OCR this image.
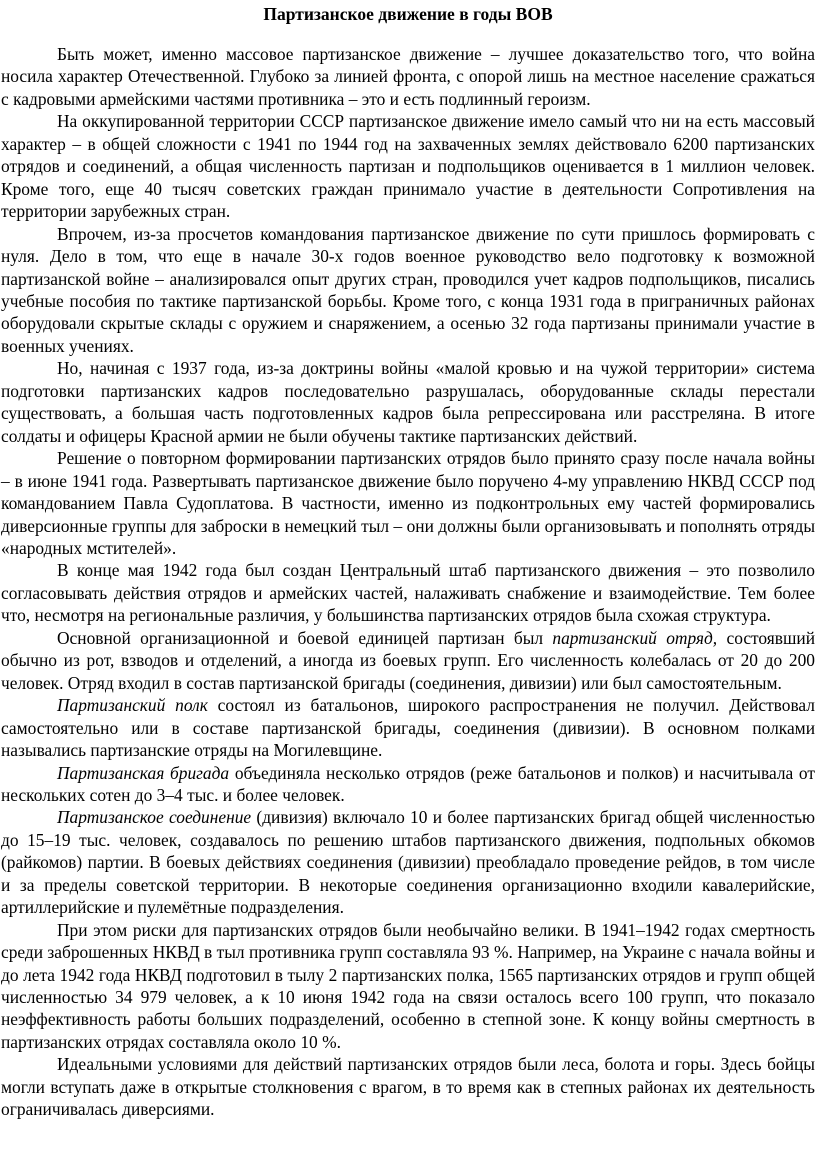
Партизанское движение в годы ВОВ

Быть может, именно массовое партизанское движение – лучшее доказательство того, что война носила характер Отечественной. Глубоко за линией фронта, с опорой лишь на местное население сражаться с кадровыми армейскими частями противника – это и есть подлинный героизм.

На оккупированной территории СССР партизанское движение имело самый что ни на есть массовый характер – в общей сложности с 1941 по 1944 год на захваченных землях действовало 6200 партизанских отрядов и соединений, а общая численность партизан и подпольщиков оценивается в 1 миллион человек. Кроме того, еще 40 тысяч советских граждан принимало участие в деятельности Сопротивления на территории зарубежных стран.

Впрочем, из-за просчетов командования партизанское движение по сути пришлось формировать с нуля. Дело в том, что еще в начале 30-х годов военное руководство вело подготовку к возможной партизанской войне – анализировался опыт других стран, проводился учет кадров подпольщиков, писались учебные пособия по тактике партизанской борьбы. Кроме того, с конца 1931 года в приграничных районах оборудовали скрытые склады с оружием и снаряжением, а осенью 32 года партизаны принимали участие в военных учениях.

Но, начиная с 1937 года, из-за доктрины войны «малой кровью и на чужой территории» система подготовки партизанских кадров последовательно разрушалась, оборудованные склады перестали существовать, а большая часть подготовленных кадров была репрессирована или расстреляна. В итоге солдаты и офицеры Красной армии не были обучены тактике партизанских действий.

Решение о повторном формировании партизанских отрядов было принято сразу после начала войны – в июне 1941 года. Развертывать партизанское движение было поручено 4-му управлению НКВД СССР под командованием Павла Судоплатова. В частности, именно из подконтрольных ему частей формировались диверсионные группы для заброски в немецкий тыл – они должны были организовывать и пополнять отряды «народных мстителей».

В конце мая 1942 года был создан Центральный штаб партизанского движения – это позволило согласовывать действия отрядов и армейских частей, налаживать снабжение и взаимодействие. Тем более что, несмотря на региональные различия, у большинства партизанских отрядов была схожая структура.

Основной организационной и боевой единицей партизан был партизанский отряд, состоявший обычно из рот, взводов и отделений, а иногда из боевых групп. Его численность колебалась от 20 до 200 человек. Отряд входил в состав партизанской бригады (соединения, дивизии) или был самостоятельным.

Партизанский полк состоял из батальонов, широкого распространения не получил. Действовал самостоятельно или в составе партизанской бригады, соединения (дивизии). В основном полками назывались партизанские отряды на Могилевщине.

Партизанская бригада объединяла несколько отрядов (реже батальонов и полков) и насчитывала от нескольких сотен до 3–4 тыс. и более человек.

Партизанское соединение (дивизия) включало 10 и более партизанских бригад общей численностью до 15–19 тыс. человек, создавалось по решению штабов партизанского движения, подпольных обкомов (райкомов) партии. В боевых действиях соединения (дивизии) преобладало проведение рейдов, в том числе и за пределы советской территории. В некоторые соединения организационно входили кавалерийские, артиллерийские и пулемётные подразделения.

При этом риски для партизанских отрядов были необычайно велики. В 1941–1942 годах смертность среди заброшенных НКВД в тыл противника групп составляла 93 %. Например, на Украине с начала войны и до лета 1942 года НКВД подготовил в тылу 2 партизанских полка, 1565 партизанских отрядов и групп общей численностью 34 979 человек, а к 10 июня 1942 года на связи осталось всего 100 групп, что показало неэффективность работы больших подразделений, особенно в степной зоне. К концу войны смертность в партизанских отрядах составляла около 10 %.

Идеальными условиями для действий партизанских отрядов были леса, болота и горы. Здесь бойцы могли вступать даже в открытые столкновения с врагом, в то время как в степных районах их деятельность ограничивалась диверсиями.
